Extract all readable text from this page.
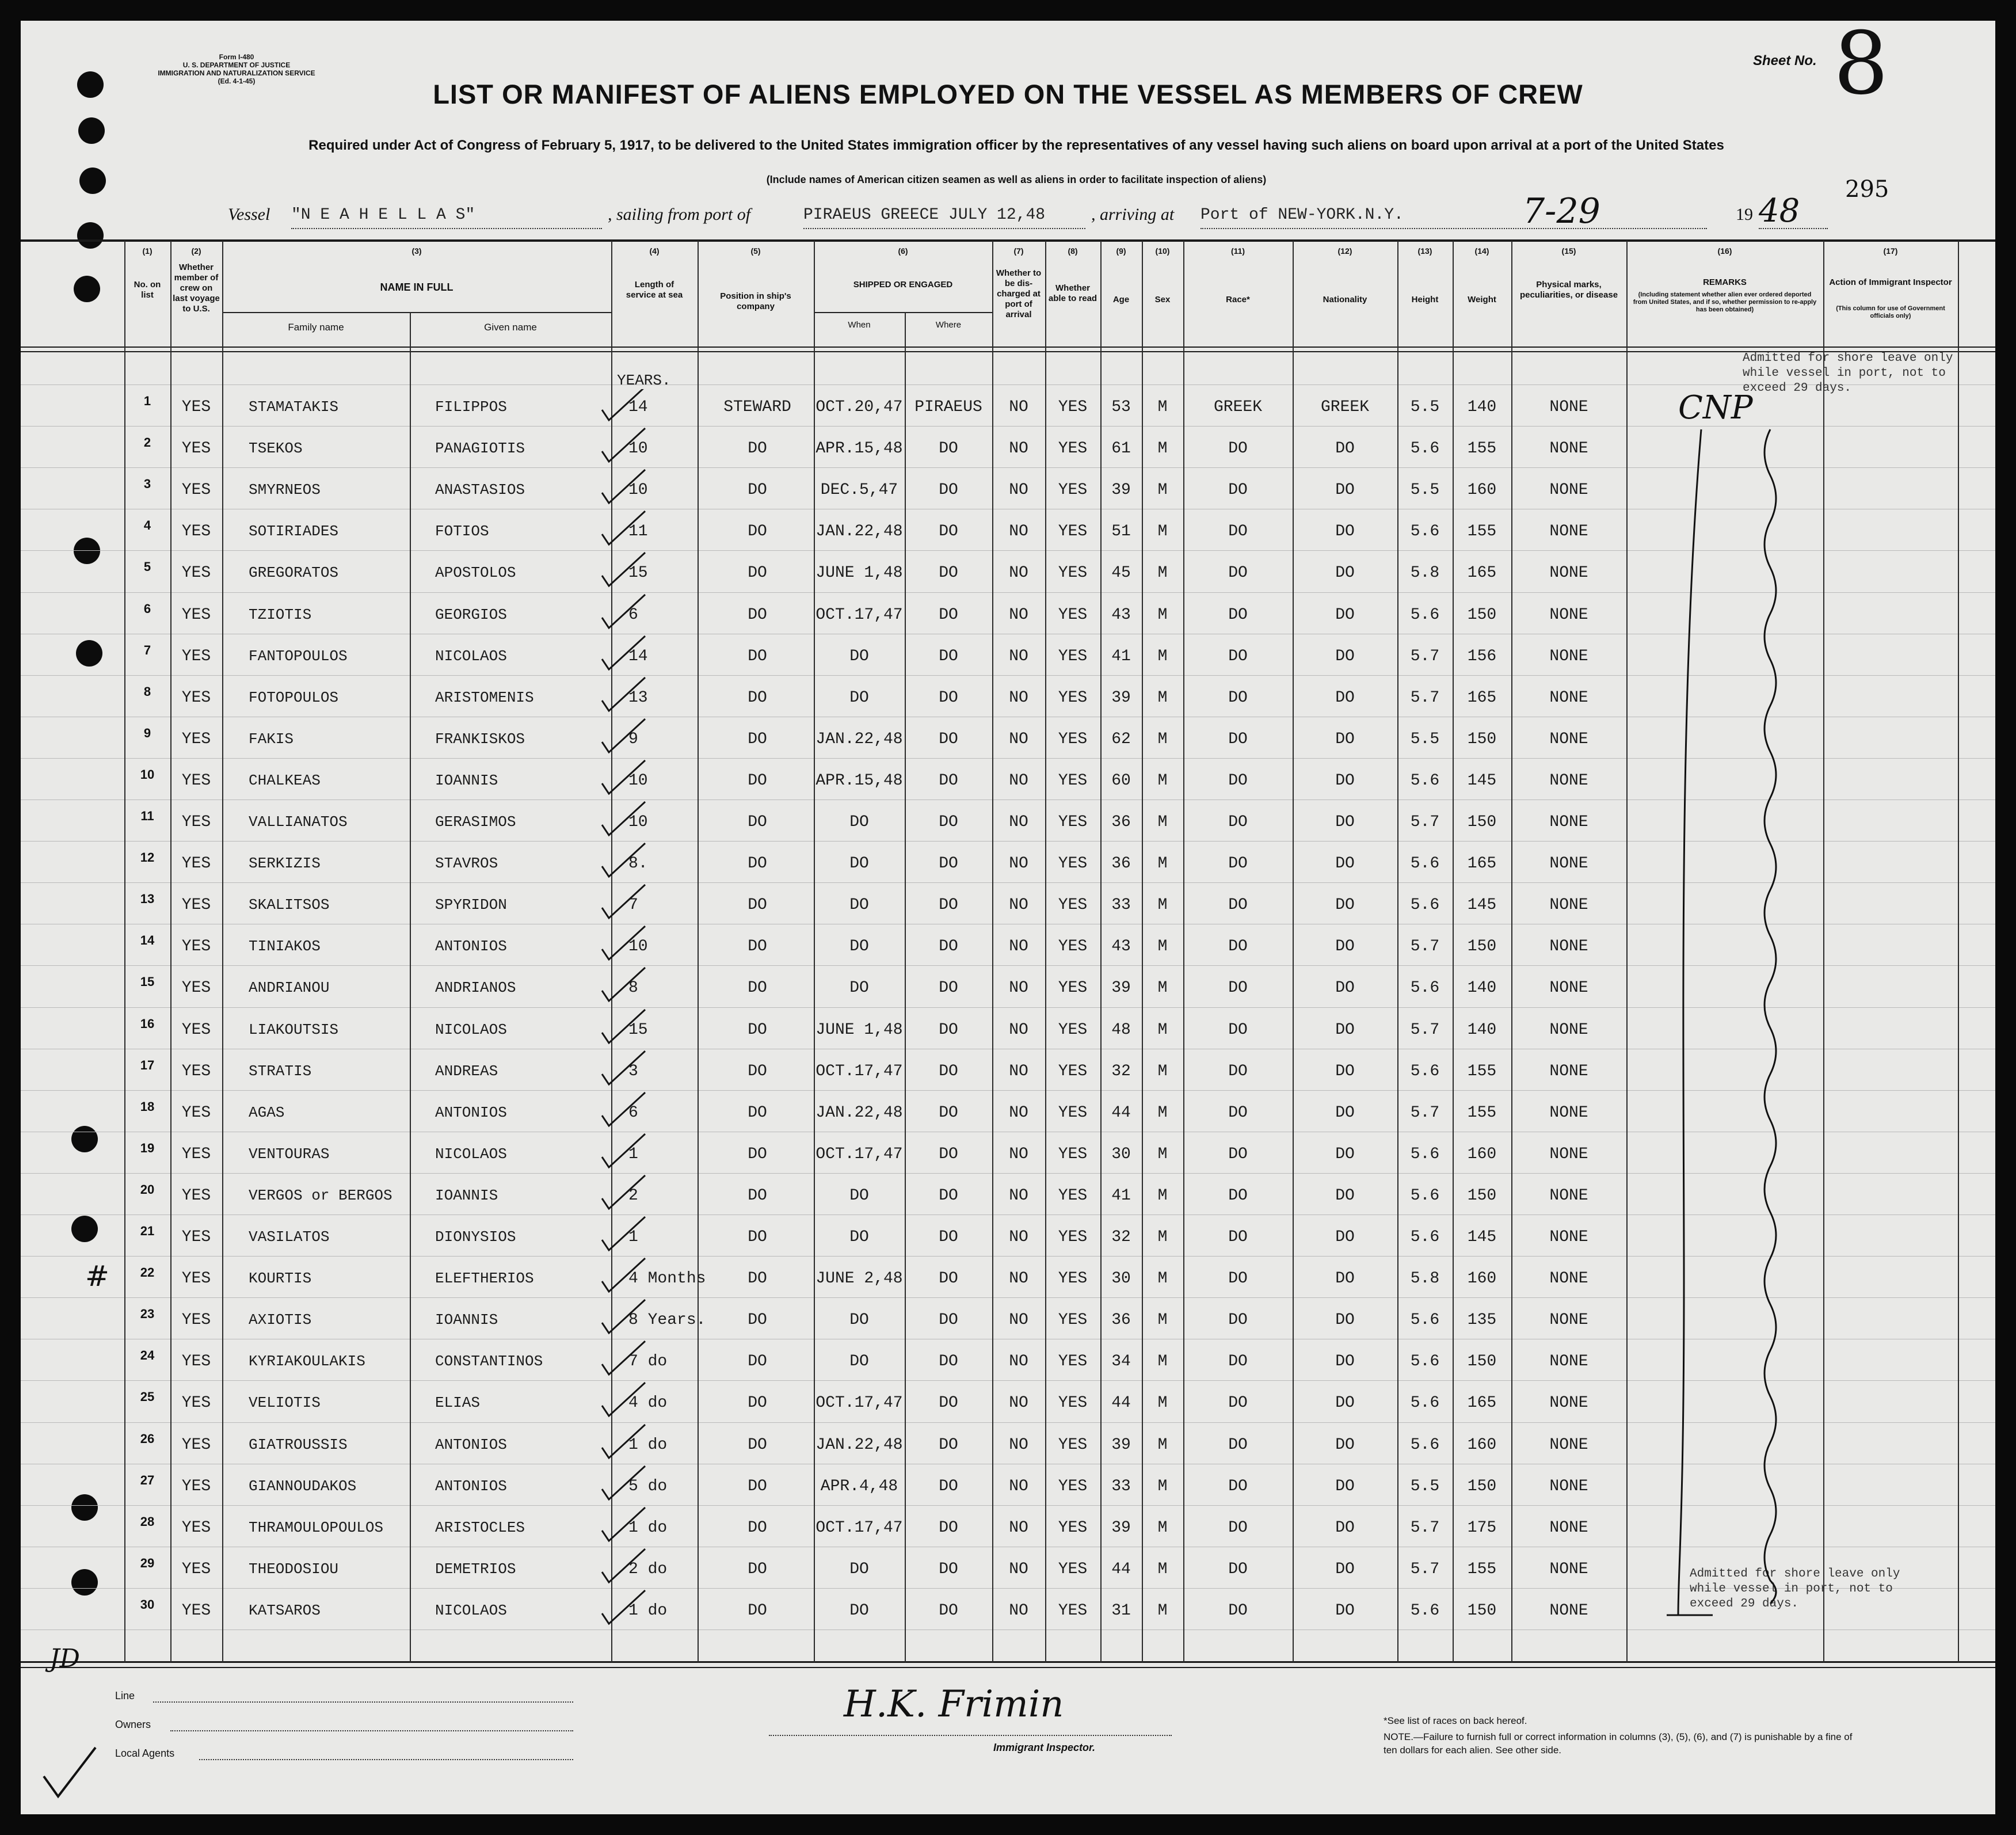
Form I-480
U. S. DEPARTMENT OF JUSTICE
IMMIGRATION AND NATURALIZATION SERVICE
(Ed. 4-1-45)
Sheet No. 8
LIST OR MANIFEST OF ALIENS EMPLOYED ON THE VESSEL AS MEMBERS OF CREW
Required under Act of Congress of February 5, 1917, to be delivered to the United States immigration officer by the representatives of any vessel having such aliens on board upon arrival at a port of the United States
(Include names of American citizen seamen as well as aliens in order to facilitate inspection of aliens)	295
Vessel "N E A H E L L A S"	, sailing from port of	PIRAEUS GREECE JULY 12,48	, arriving at Port of NEW-YORK.N.Y.	7-29	19 48
(1)
No. on list
(2)
Whether member of crew on last voyage to U.S.
(3)
NAME IN FULL
Family name	Given name
(4)
Length of service at sea
(5)
Position in ship's company
(6)
SHIPPED OR ENGAGED
When	Where
(7)
Whether to be dis-charged at port of arrival
(8)
Whether able to read
(9)
Age
(10)
Sex
(11)
Race*
(12)
Nationality
(13)
Height
(14)
Weight
(15)
Physical marks, peculiarities, or disease
(16)
REMARKS
(Including statement whether alien ever ordered deported from United States, and if so, whether permission to re-apply has been obtained)
(17)
Action of Immigrant Inspector
(This column for use of Government officials only)
YEARS.
1	YES	STAMATAKIS	FILIPPOS	14	STEWARD	OCT.20,47 PIRAEUS	NO	YES	53	M	GREEK	GREEK	5.5	140	NONE
2	YES	TSEKOS	PANAGIOTIS	10	DO	APR.15,48	DO	NO	YES	61	M	DO	DO	5.6	155	NONE
3	YES	SMYRNEOS	ANASTASIOS	10	DO	DEC.5,47	DO	NO	YES	39	M	DO	DO	5.5	160	NONE
4	YES	SOTIRIADES	FOTIOS	11	DO	JAN.22,48	DO	NO	YES	51	M	DO	DO	5.6	155	NONE
5	YES	GREGORATOS	APOSTOLOS	15	DO	JUNE 1,48	DO	NO	YES	45	M	DO	DO	5.8	165	NONE
6	YES	TZIOTIS	GEORGIOS	6	DO	OCT.17,47	DO	NO	YES	43	M	DO	DO	5.6	150	NONE
7	YES	FANTOPOULOS	NICOLAOS	14	DO	DO	DO	NO	YES	41	M	DO	DO	5.7	156	NONE
8	YES	FOTOPOULOS	ARISTOMENIS	13	DO	DO	DO	NO	YES	39	M	DO	DO	5.7	165	NONE
9	YES	FAKIS	FRANKISKOS	9	DO	JAN.22,48	DO	NO	YES	62	M	DO	DO	5.5	150	NONE
10	YES	CHALKEAS	IOANNIS	10	DO	APR.15,48	DO	NO	YES	60	M	DO	DO	5.6	145	NONE
11	YES	VALLIANATOS	GERASIMOS	10	DO	DO	DO	NO	YES	36	M	DO	DO	5.7	150	NONE
12	YES	SERKIZIS	STAVROS	8.	DO	DO	DO	NO	YES	36	M	DO	DO	5.6	165	NONE
13	YES	SKALITSOS	SPYRIDON	7	DO	DO	DO	NO	YES	33	M	DO	DO	5.6	145	NONE
14	YES	TINIAKOS	ANTONIOS	10	DO	DO	DO	NO	YES	43	M	DO	DO	5.7	150	NONE
15	YES	ANDRIANOU	ANDRIANOS	8	DO	DO	DO	NO	YES	39	M	DO	DO	5.6	140	NONE
16	YES	LIAKOUTSIS	NICOLAOS	15	DO	JUNE 1,48	DO	NO	YES	48	M	DO	DO	5.7	140	NONE
17	YES	STRATIS	ANDREAS	3	DO	OCT.17,47	DO	NO	YES	32	M	DO	DO	5.6	155	NONE
18	YES	AGAS	ANTONIOS	6	DO	JAN.22,48	DO	NO	YES	44	M	DO	DO	5.7	155	NONE
19	YES	VENTOURAS	NICOLAOS	1	DO	OCT.17,47	DO	NO	YES	30	M	DO	DO	5.6	160	NONE
20	YES	VERGOS or BERGOS	IOANNIS	2	DO	DO	DO	NO	YES	41	M	DO	DO	5.6	150	NONE
21	YES	VASILATOS	DIONYSIOS	1	DO	DO	DO	NO	YES	32	M	DO	DO	5.6	145	NONE
22	YES	KOURTIS	ELEFTHERIOS	4 Months	DO	JUNE 2,48	DO	NO	YES	30	M	DO	DO	5.8	160	NONE
23	YES	AXIOTIS	IOANNIS	8 Years.	DO	DO	DO	NO	YES	36	M	DO	DO	5.6	135	NONE
24	YES	KYRIAKOULAKIS	CONSTANTINOS	7 do	DO	DO	DO	NO	YES	34	M	DO	DO	5.6	150	NONE
25	YES	VELIOTIS	ELIAS	4 do	DO	OCT.17,47	DO	NO	YES	44	M	DO	DO	5.6	165	NONE
26	YES	GIATROUSSIS	ANTONIOS	1 do	DO	JAN.22,48	DO	NO	YES	39	M	DO	DO	5.6	160	NONE
27	YES	GIANNOUDAKOS	ANTONIOS	5 do	DO	APR.4,48	DO	NO	YES	33	M	DO	DO	5.5	150	NONE
28	YES	THRAMOULOPOULOS	ARISTOCLES	1 do	DO	OCT.17,47	DO	NO	YES	39	M	DO	DO	5.7	175	NONE
29	YES	THEODOSIOU	DEMETRIOS	2 do	DO	DO	DO	NO	YES	44	M	DO	DO	5.7	155	NONE
30	YES	KATSAROS	NICOLAOS	1 do	DO	DO	DO	NO	YES	31	M	DO	DO	5.6	150	NONE
Admitted for shore leave only while vessel in port, not to exceed 29 days.
Admitted for shore leave only while vessel in port, not to exceed 29 days.
CNP
#
JD
Line
Owners
Local Agents
H.K. Frimin
Immigrant Inspector.
*See list of races on back hereof.
NOTE.—Failure to furnish full or correct information in columns (3), (5), (6), and (7) is punishable by a fine of ten dollars for each alien. See other side.
